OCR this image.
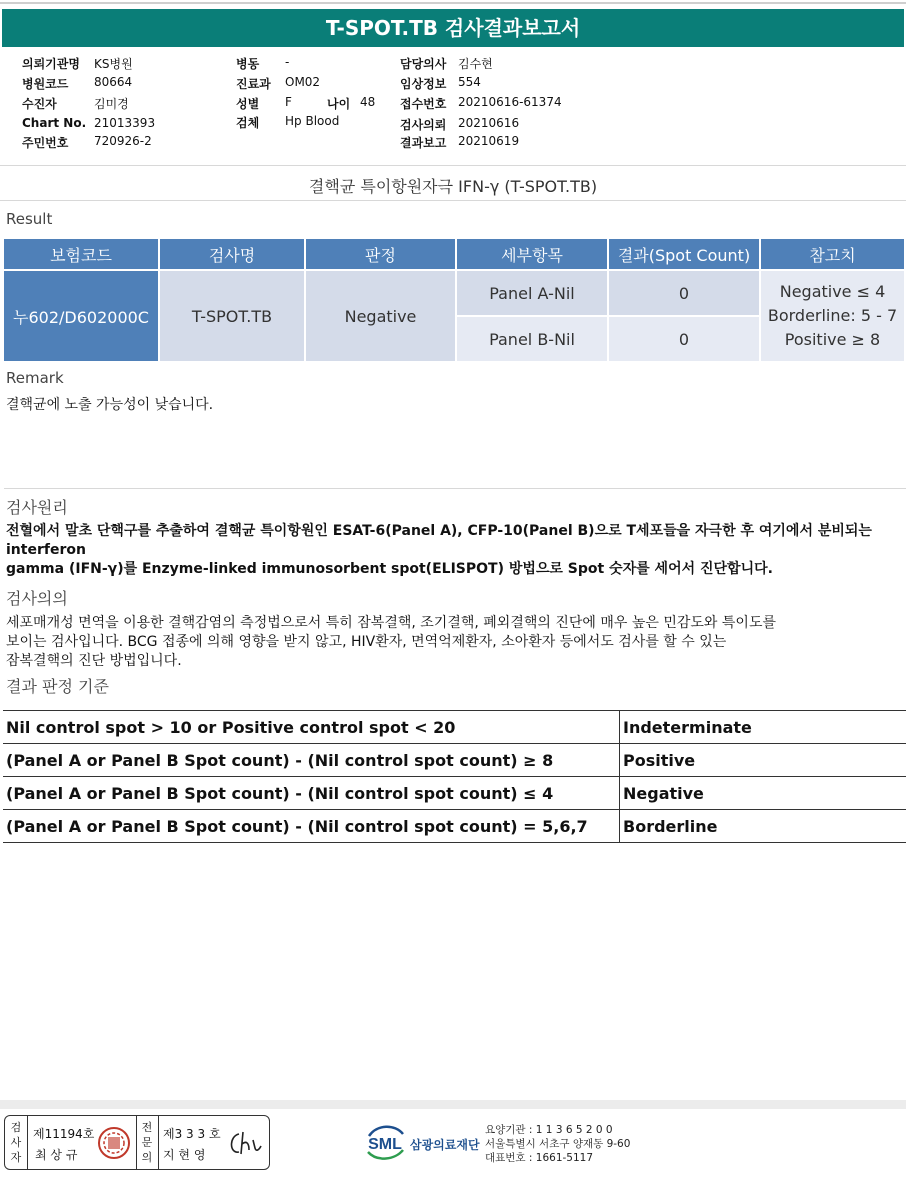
T-SPOT.TB 검사결과보고서
의뢰기관명 KS병원
병원코드 80664
수진자	김미경
Chart No. 21013393
주민번호 720926-2
병동 -
진료과 OM02
성별 F	나이 48
검체 Hp Blood
담당의사 김수현
임상정보 554
접수번호 20210616-61374
검사의뢰 20210616
결과보고 20210619
결핵균 특이항원자극 IFN-γ (T-SPOT.TB)
Result
보험코드	검사명	판정	세부항목	결과(Spot Count)	참고치
누602/D602000C	T-SPOT.TB	Negative	Panel A-Nil	0	Negative ≤ 4
Borderline: 5 - 7
Positive ≥ 8

			Panel B-Nil	0	
Remark
결핵균에 노출 가능성이 낮습니다.
검사원리
전혈에서 말초 단핵구를 추출하여 결핵균 특이항원인 ESAT-6(Panel A), CFP-10(Panel B)으로 T세포들을 자극한 후 여기에서 분비되는
interferon
gamma (IFN-γ)를 Enzyme-linked immunosorbent spot(ELISPOT) 방법으로 Spot 숫자를 세어서 진단합니다.
검사의의
세포매개성 면역을 이용한 결핵감염의 측정법으로서 특히 잠복결핵, 조기결핵, 폐외결핵의 진단에 매우 높은 민감도와 특이도를
보이는 검사입니다. BCG 접종에 의해 영향을 받지 않고, HIV환자, 면역억제환자, 소아환자 등에서도 검사를 할 수 있는
잠복결핵의 진단 방법입니다.
결과 판정 기준
Nil control spot > 10 or Positive control spot < 20	Indeterminate
(Panel A or Panel B Spot count) - (Nil control spot count) ≥ 8	Positive
(Panel A or Panel B Spot count) - (Nil control spot count) ≤ 4	Negative
(Panel A or Panel B Spot count) - (Nil control spot count) = 5,6,7	Borderline
검
사
자
제11194호
최 상 규
전
문
의
제3 3 3 호
지 현 영
SML 삼광의료재단
요양기관 : 1 1 3 6 5 2 0 0
서울특별시 서초구 양재동 9-60
대표번호 : 1661-5117
